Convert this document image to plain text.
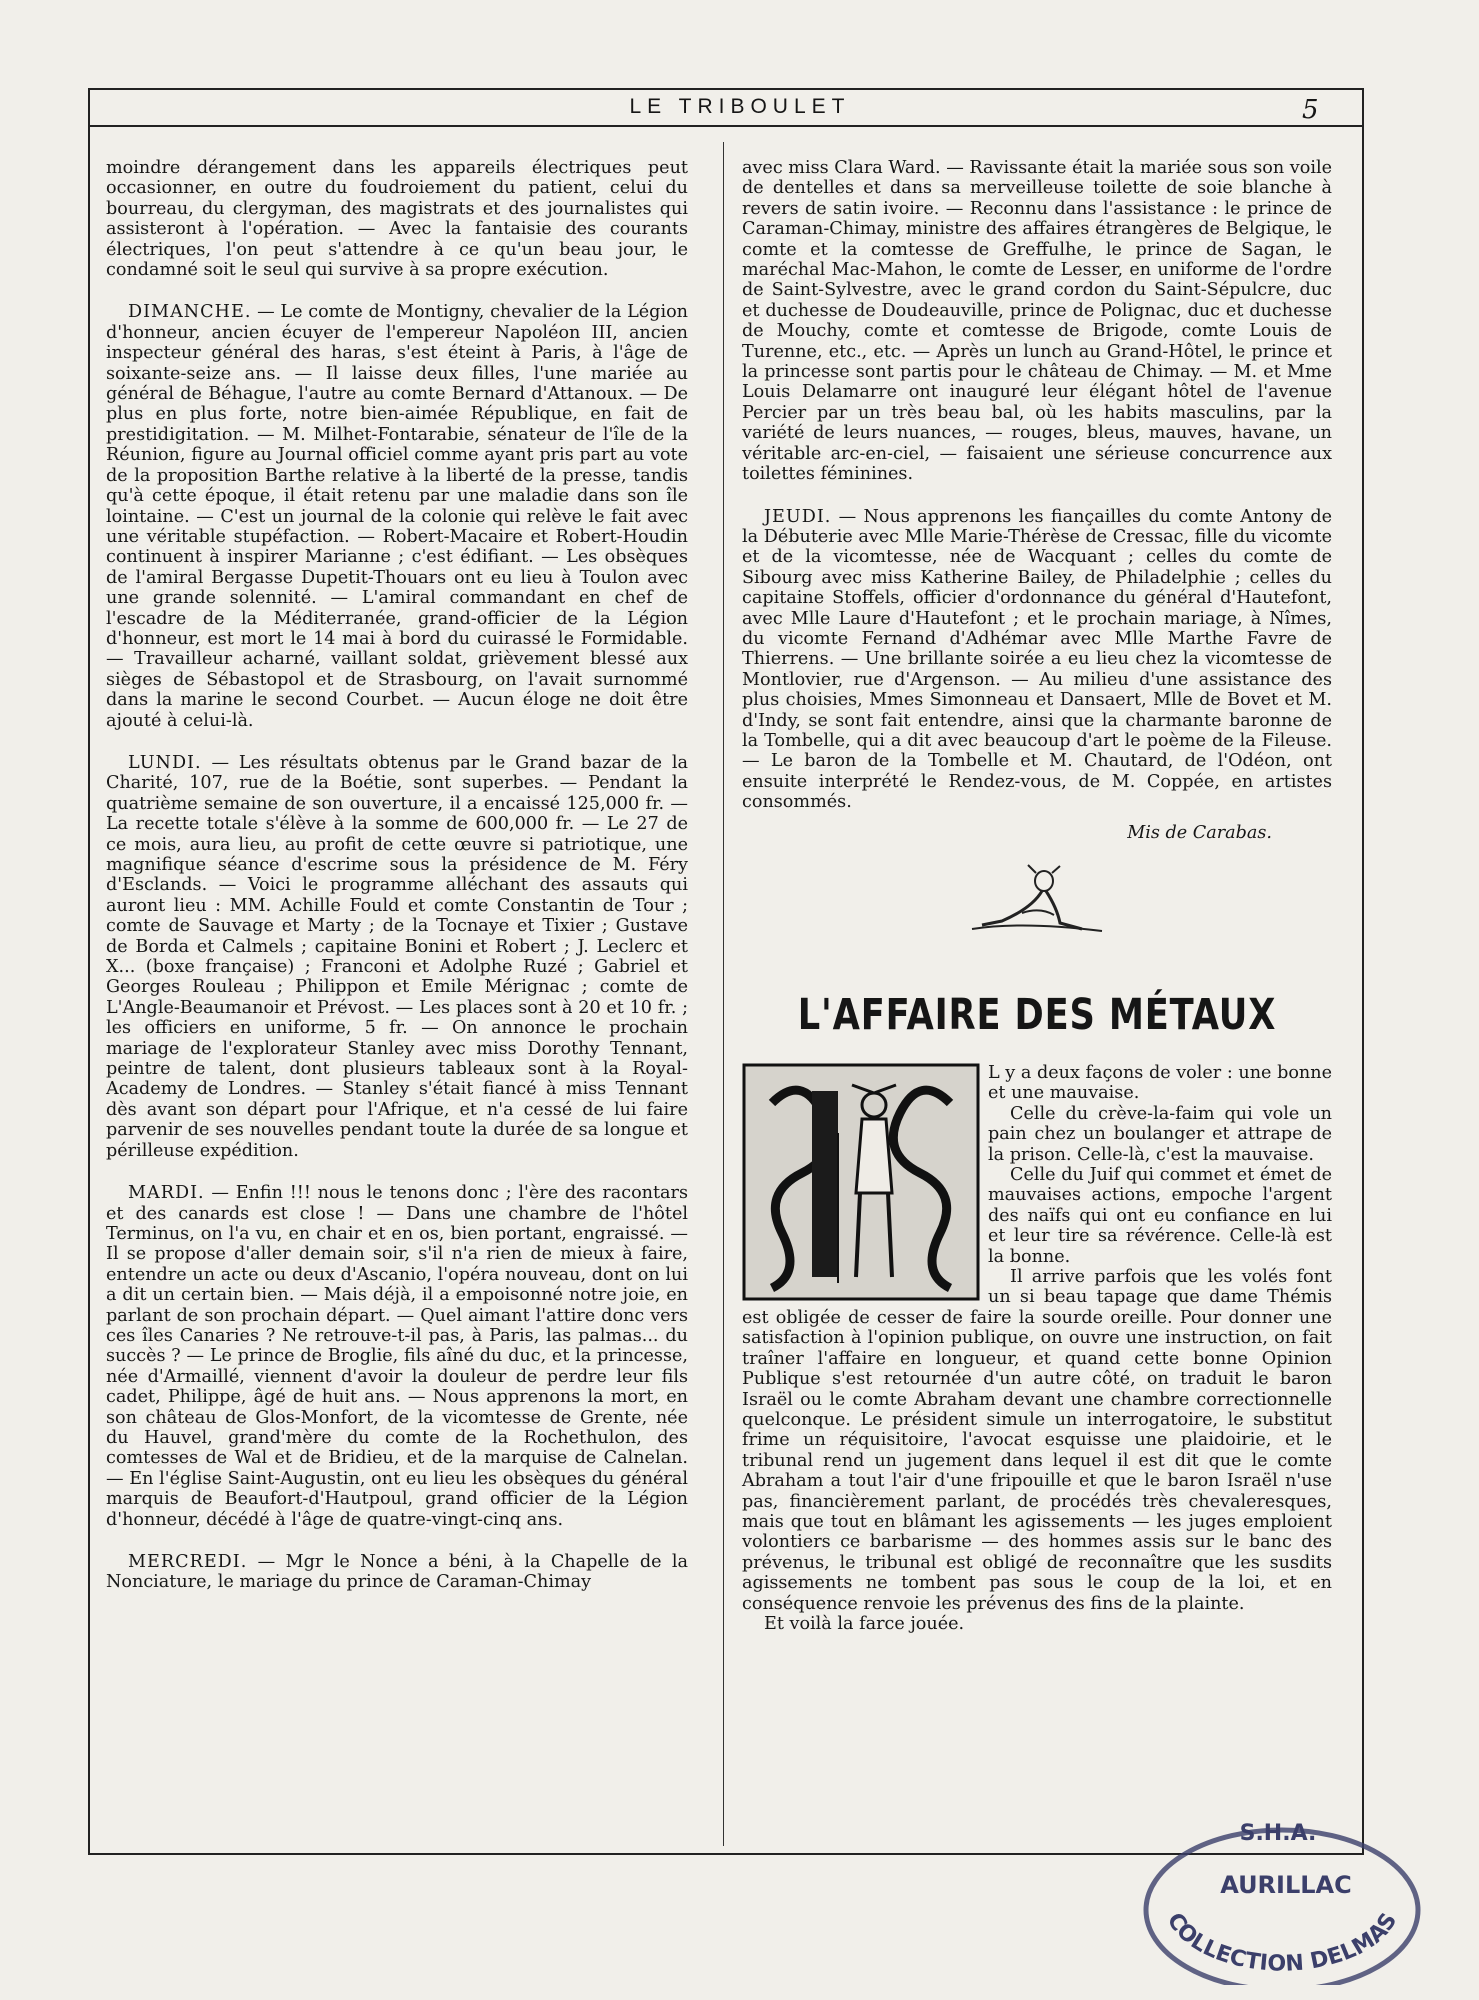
LE TRIBOULET	5

moindre dérangement dans les appareils électriques peut occasionner, en outre du foudroiement du patient, celui du bourreau, du clergyman, des magistrats et des journalistes qui assisteront à l'opération. — Avec la fantaisie des courants électriques, l'on peut s'attendre à ce qu'un beau jour, le condamné soit le seul qui survive à sa propre exécution.

DIMANCHE. — Le comte de Montigny, chevalier de la Légion d'honneur, ancien écuyer de l'empereur Napoléon III, ancien inspecteur général des haras, s'est éteint à Paris, à l'âge de soixante-seize ans. — Il laisse deux filles, l'une mariée au général de Béhague, l'autre au comte Bernard d'Attanoux. — De plus en plus forte, notre bien-aimée République, en fait de prestidigitation. — M. Milhet-Fontarabie, sénateur de l'île de la Réunion, figure au Journal officiel comme ayant pris part au vote de la proposition Barthe relative à la liberté de la presse, tandis qu'à cette époque, il était retenu par une maladie dans son île lointaine. — C'est un journal de la colonie qui relève le fait avec une véritable stupéfaction. — Robert-Macaire et Robert-Houdin continuent à inspirer Marianne ; c'est édifiant. — Les obsèques de l'amiral Bergasse Dupetit-Thouars ont eu lieu à Toulon avec une grande solennité. — L'amiral commandant en chef de l'escadre de la Méditerranée, grand-officier de la Légion d'honneur, est mort le 14 mai à bord du cuirassé le Formidable. — Travailleur acharné, vaillant soldat, grièvement blessé aux sièges de Sébastopol et de Strasbourg, on l'avait surnommé dans la marine le second Courbet. — Aucun éloge ne doit être ajouté à celui-là.

LUNDI. — Les résultats obtenus par le Grand bazar de la Charité, 107, rue de la Boétie, sont superbes. — Pendant la quatrième semaine de son ouverture, il a encaissé 125,000 fr. — La recette totale s'élève à la somme de 600,000 fr. — Le 27 de ce mois, aura lieu, au profit de cette œuvre si patriotique, une magnifique séance d'escrime sous la présidence de M. Féry d'Esclands. — Voici le programme alléchant des assauts qui auront lieu : MM. Achille Fould et comte Constantin de Tour ; comte de Sauvage et Marty ; de la Tocnaye et Tixier ; Gustave de Borda et Calmels ; capitaine Bonini et Robert ; J. Leclerc et X... (boxe française) ; Franconi et Adolphe Ruzé ; Gabriel et Georges Rouleau ; Philippon et Emile Mérignac ; comte de L'Angle-Beaumanoir et Prévost. — Les places sont à 20 et 10 fr. ; les officiers en uniforme, 5 fr. — On annonce le prochain mariage de l'explorateur Stanley avec miss Dorothy Tennant, peintre de talent, dont plusieurs tableaux sont à la Royal-Academy de Londres. — Stanley s'était fiancé à miss Tennant dès avant son départ pour l'Afrique, et n'a cessé de lui faire parvenir de ses nouvelles pendant toute la durée de sa longue et périlleuse expédition.

MARDI. — Enfin !!! nous le tenons donc ; l'ère des racontars et des canards est close ! — Dans une chambre de l'hôtel Terminus, on l'a vu, en chair et en os, bien portant, engraissé. — Il se propose d'aller demain soir, s'il n'a rien de mieux à faire, entendre un acte ou deux d'Ascanio, l'opéra nouveau, dont on lui a dit un certain bien. — Mais déjà, il a empoisonné notre joie, en parlant de son prochain départ. — Quel aimant l'attire donc vers ces îles Canaries ? Ne retrouve-t-il pas, à Paris, las palmas... du succès ? — Le prince de Broglie, fils aîné du duc, et la princesse, née d'Armaillé, viennent d'avoir la douleur de perdre leur fils cadet, Philippe, âgé de huit ans. — Nous apprenons la mort, en son château de Glos-Monfort, de la vicomtesse de Grente, née du Hauvel, grand'mère du comte de la Rochethulon, des comtesses de Wal et de Bridieu, et de la marquise de Calnelan. — En l'église Saint-Augustin, ont eu lieu les obsèques du général marquis de Beaufort-d'Hautpoul, grand officier de la Légion d'honneur, décédé à l'âge de quatre-vingt-cinq ans.

MERCREDI. — Mgr le Nonce a béni, à la Chapelle de la Nonciature, le mariage du prince de Caraman-Chimay

avec miss Clara Ward. — Ravissante était la mariée sous son voile de dentelles et dans sa merveilleuse toilette de soie blanche à revers de satin ivoire. — Reconnu dans l'assistance : le prince de Caraman-Chimay, ministre des affaires étrangères de Belgique, le comte et la comtesse de Greffulhe, le prince de Sagan, le maréchal Mac-Mahon, le comte de Lesser, en uniforme de l'ordre de Saint-Sylvestre, avec le grand cordon du Saint-Sépulcre, duc et duchesse de Doudeauville, prince de Polignac, duc et duchesse de Mouchy, comte et comtesse de Brigode, comte Louis de Turenne, etc., etc. — Après un lunch au Grand-Hôtel, le prince et la princesse sont partis pour le château de Chimay. — M. et Mme Louis Delamarre ont inauguré leur élégant hôtel de l'avenue Percier par un très beau bal, où les habits masculins, par la variété de leurs nuances, — rouges, bleus, mauves, havane, un véritable arc-en-ciel, — faisaient une sérieuse concurrence aux toilettes féminines.

JEUDI. — Nous apprenons les fiançailles du comte Antony de la Débuterie avec Mlle Marie-Thérèse de Cressac, fille du vicomte et de la vicomtesse, née de Wacquant ; celles du comte de Sibourg avec miss Katherine Bailey, de Philadelphie ; celles du capitaine Stoffels, officier d'ordonnance du général d'Hautefont, avec Mlle Laure d'Hautefont ; et le prochain mariage, à Nîmes, du vicomte Fernand d'Adhémar avec Mlle Marthe Favre de Thierrens. — Une brillante soirée a eu lieu chez la vicomtesse de Montlovier, rue d'Argenson. — Au milieu d'une assistance des plus choisies, Mmes Simonneau et Dansaert, Mlle de Bovet et M. d'Indy, se sont fait entendre, ainsi que la charmante baronne de la Tombelle, qui a dit avec beaucoup d'art le poème de la Fileuse. — Le baron de la Tombelle et M. Chautard, de l'Odéon, ont ensuite interprété le Rendez-vous, de M. Coppée, en artistes consommés.

Mis de Carabas.
L'AFFAIRE DES MÉTAUX

L y a deux façons de voler : une bonne et une mauvaise.

Celle du crève-la-faim qui vole un pain chez un boulanger et attrape de la prison. Celle-là, c'est la mauvaise.

Celle du Juif qui commet et émet de mauvaises actions, empoche l'argent des naïfs qui ont eu confiance en lui et leur tire sa révérence. Celle-là est la bonne.

Il arrive parfois que les volés font un si beau tapage que dame Thémis est obligée de cesser de faire la sourde oreille. Pour donner une satisfaction à l'opinion publique, on ouvre une instruction, on fait traîner l'affaire en longueur, et quand cette bonne Opinion Publique s'est retournée d'un autre côté, on traduit le baron Israël ou le comte Abraham devant une chambre correctionnelle quelconque. Le président simule un interrogatoire, le substitut frime un réquisitoire, l'avocat esquisse une plaidoirie, et le tribunal rend un jugement dans lequel il est dit que le comte Abraham a tout l'air d'une fripouille et que le baron Israël n'use pas, financièrement parlant, de procédés très chevaleresques, mais que tout en blâmant les agissements — les juges emploient volontiers ce barbarisme — des hommes assis sur le banc des prévenus, le tribunal est obligé de reconnaître que les susdits agissements ne tombent pas sous le coup de la loi, et en conséquence renvoie les prévenus des fins de la plainte.

Et voilà la farce jouée.

S.H.A.
AURILLAC
COLLECTION DELMAS
